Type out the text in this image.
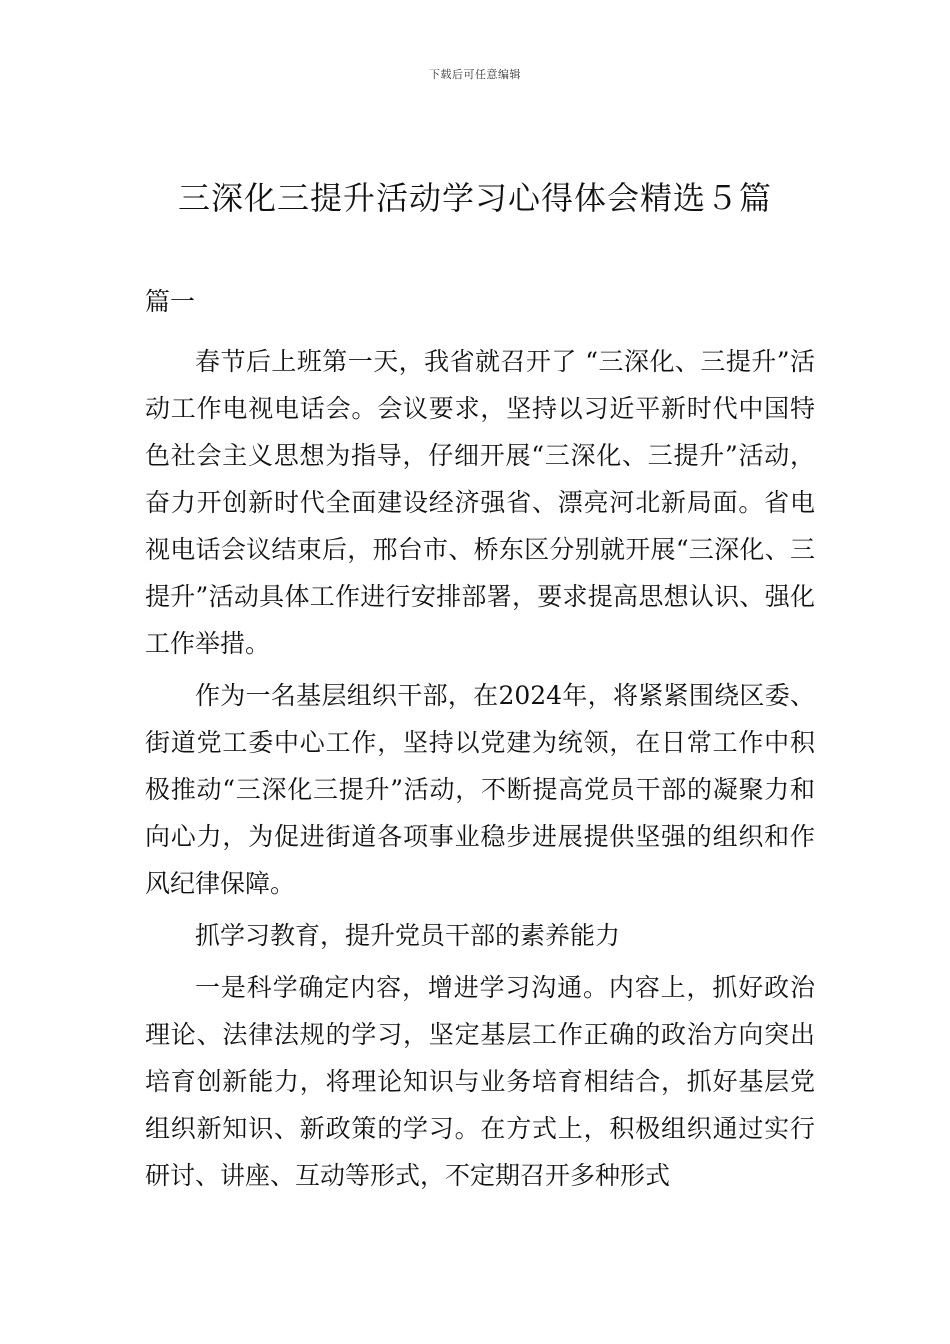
下载后可任意编辑
三深化三提升活动学习心得体会精选５篇
篇一

春节后上班第一天，我省就召开了 “三深化、三提升”活动工作电视电话会。会议要求，坚持以习近平新时代中国特色社会主义思想为指导，仔细开展“三深化、三提升”活动，奋力开创新时代全面建设经济强省、漂亮河北新局面。省电视电话会议结束后，邢台市、桥东区分别就开展“三深化、三提升”活动具体工作进行安排部署，要求提高思想认识、强化工作举措。

作为一名基层组织干部，在2024年，将紧紧围绕区委、街道党工委中心工作，坚持以党建为统领，在日常工作中积极推动“三深化三提升”活动，不断提高党员干部的凝聚力和向心力，为促进街道各项事业稳步进展提供坚强的组织和作风纪律保障。

抓学习教育，提升党员干部的素养能力

一是科学确定内容，增进学习沟通。内容上，抓好政治理论、法律法规的学习，坚定基层工作正确的政治方向突出培育创新能力，将理论知识与业务培育相结合，抓好基层党组织新知识、新政策的学习。在方式上，积极组织通过实行研讨、讲座、互动等形式，不定期召开多种形式
